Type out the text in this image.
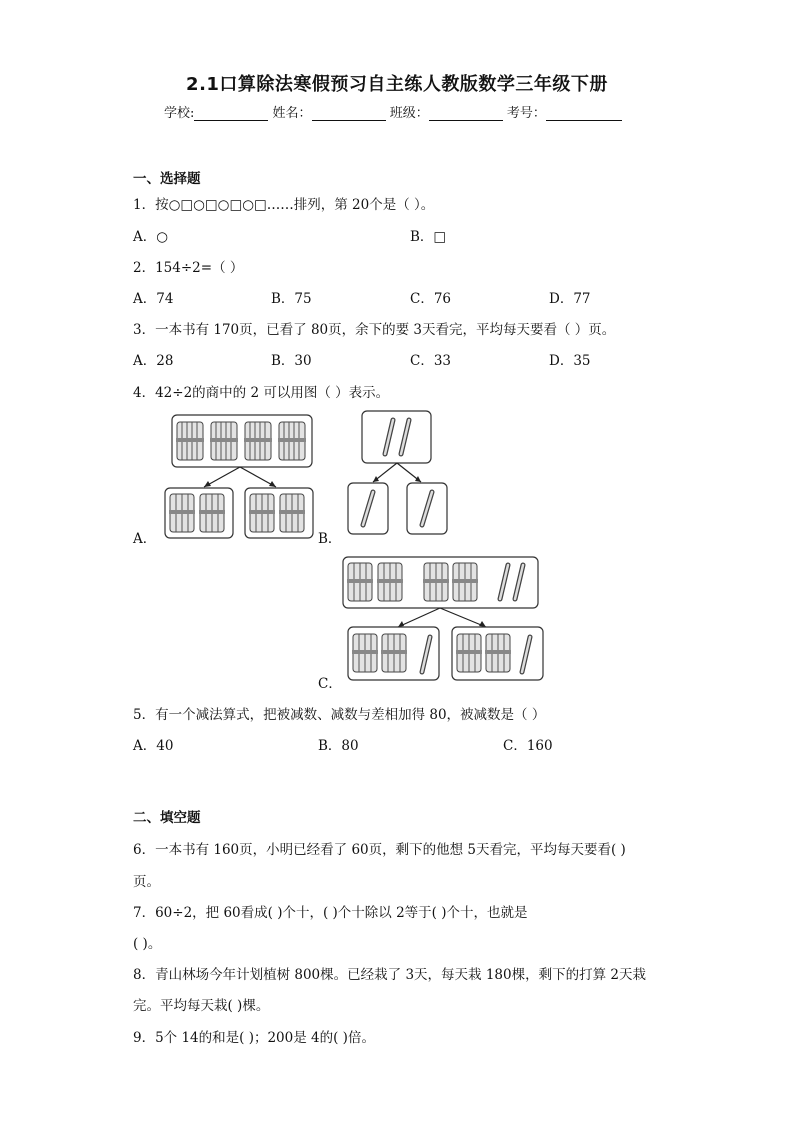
2.1口算除法寒假预习自主练人教版数学三年级下册
学校:	姓名：	班级：	考号：
一、选择题
1．按○□○□○□○□……排列，第 20个是（ ）。
A．○	B．□
2．154÷2=（ ）
A．74	B．75	C．76	D．77
3．一本书有 170页，已看了 80页，余下的要 3天看完，平均每天要看（ ）页。
A．28	B．30	C．33	D．35
4．42÷2的商中的 2 可以用图（ ）表示。
A．	B．
C．
5．有一个减法算式，把被减数、减数与差相加得 80，被减数是（ ）
A．40	B．80	C．160
二、填空题
6．一本书有 160页，小明已经看了 60页，剩下的他想 5天看完，平均每天要看( )
页。
7．60÷2，把 60看成( )个十，( )个十除以 2等于( )个十，也就是
( )。
8．青山林场今年计划植树 800棵。已经栽了 3天，每天栽 180棵，剩下的打算 2天栽
完。平均每天栽( )棵。
9．5个 14的和是( )；200是 4的( )倍。
